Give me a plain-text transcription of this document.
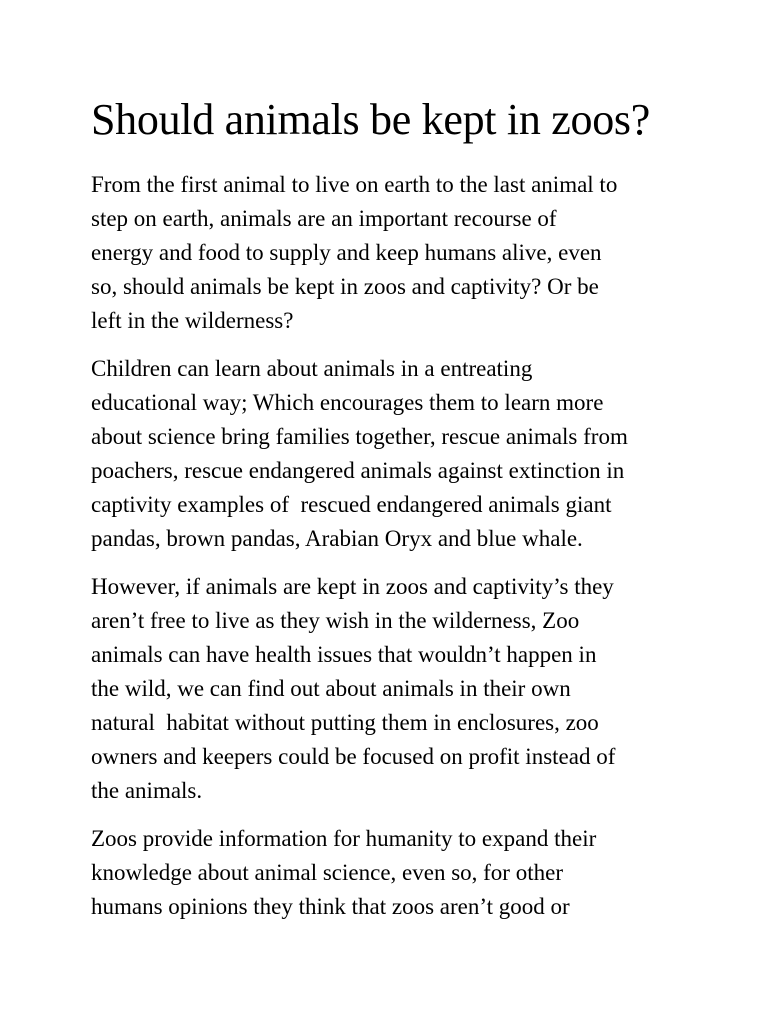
Should animals be kept in zoos?
From the first animal to live on earth to the last animal to
step on earth, animals are an important recourse of
energy and food to supply and keep humans alive, even
so, should animals be kept in zoos and captivity? Or be
left in the wilderness?
Children can learn about animals in a entreating
educational way; Which encourages them to learn more
about science bring families together, rescue animals from
poachers, rescue endangered animals against extinction in
captivity examples of  rescued endangered animals giant
pandas, brown pandas, Arabian Oryx and blue whale.
However, if animals are kept in zoos and captivity’s they
aren’t free to live as they wish in the wilderness, Zoo
animals can have health issues that wouldn’t happen in
the wild, we can find out about animals in their own
natural  habitat without putting them in enclosures, zoo
owners and keepers could be focused on profit instead of
the animals.
Zoos provide information for humanity to expand their
knowledge about animal science, even so, for other
humans opinions they think that zoos aren’t good or
